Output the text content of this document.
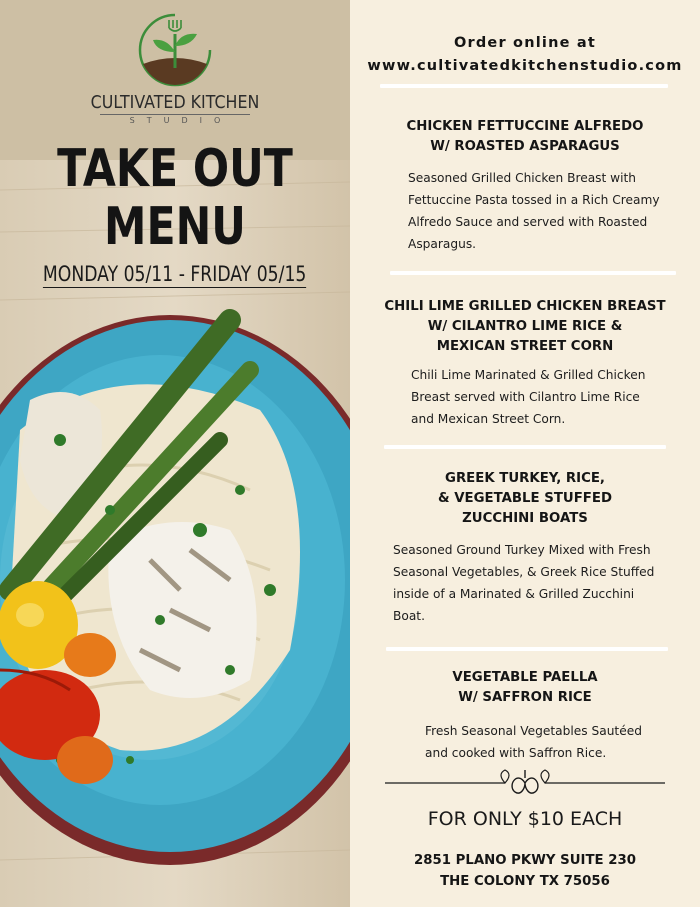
CULTIVATED KITCHEN
STUDIO
TAKE OUT
MENU
MONDAY 05/11 - FRIDAY 05/15
Order online at
www.cultivatedkitchenstudio.com
CHICKEN FETTUCCINE ALFREDO
W/ ROASTED ASPARAGUS
Seasoned Grilled Chicken Breast with
Fettuccine Pasta tossed in a Rich Creamy
Alfredo Sauce and served with Roasted
Asparagus.
CHILI LIME GRILLED CHICKEN BREAST
W/ CILANTRO LIME RICE &
MEXICAN STREET CORN
Chili Lime Marinated & Grilled Chicken
Breast served with Cilantro Lime Rice
and Mexican Street Corn.
GREEK TURKEY, RICE,
& VEGETABLE STUFFED
ZUCCHINI BOATS
Seasoned Ground Turkey Mixed with Fresh
Seasonal Vegetables, & Greek Rice Stuffed
inside of a Marinated & Grilled Zucchini
Boat.
VEGETABLE PAELLA
W/ SAFFRON RICE
Fresh Seasonal Vegetables Sautéed
and cooked with Saffron Rice.
FOR ONLY $10 EACH
2851 PLANO PKWY SUITE 230
THE COLONY TX 75056
